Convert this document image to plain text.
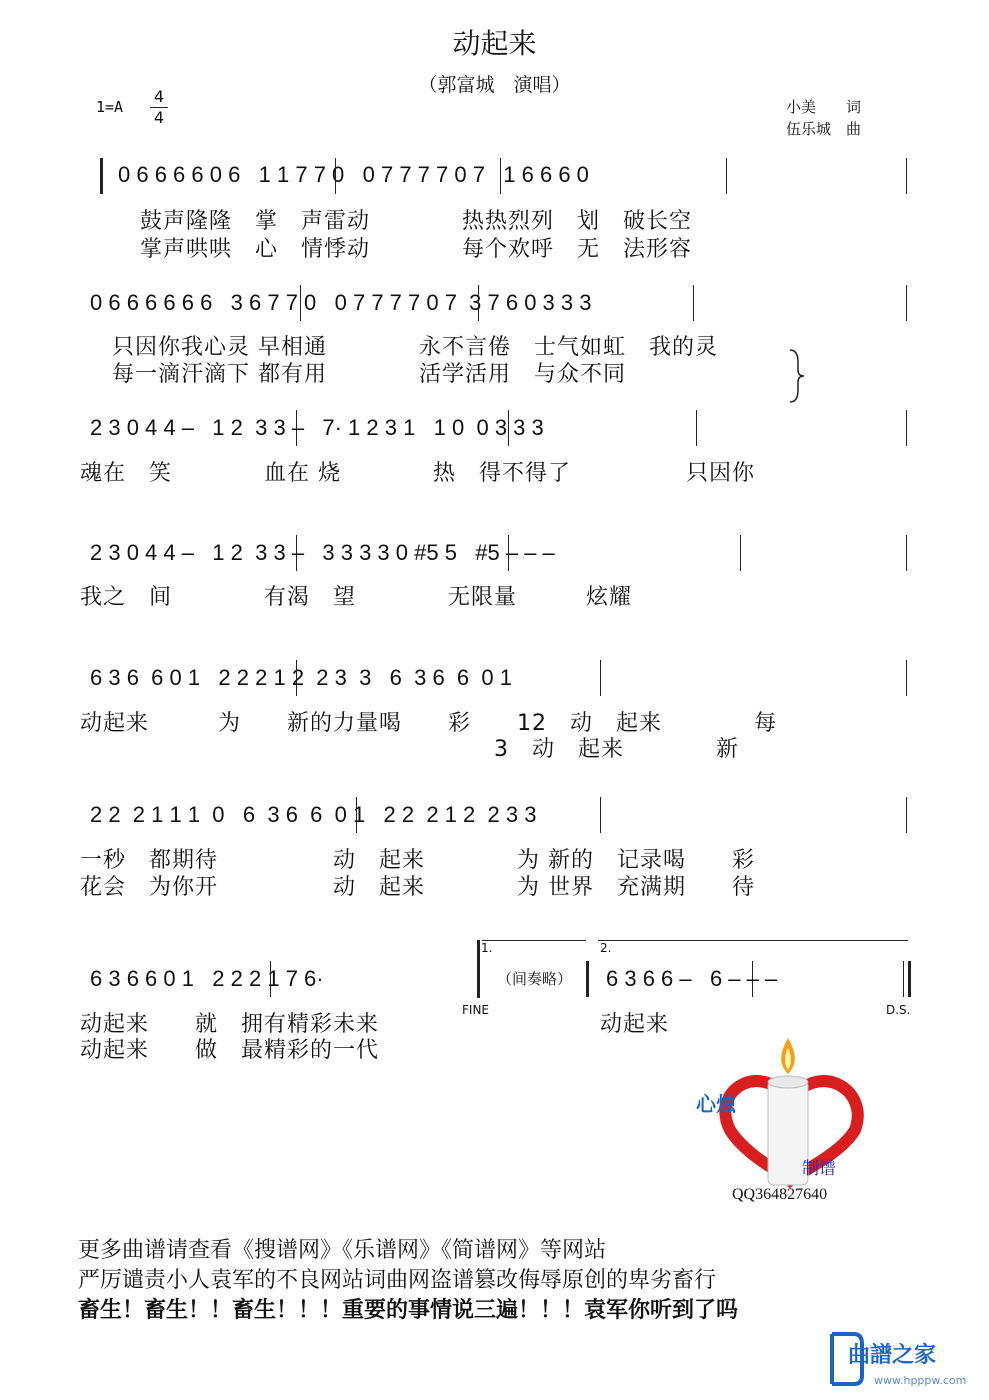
动起来
（郭富城　演唱）
1=A
4
4
小美　　词
伍乐城　曲
0 6 6 6 6 0 6   1 1 7 7 0   0 7 7 7 7 0 7   1 6 6 6 0
鼓声隆隆　掌　声雷动　　　　热热烈列　划　破长空
掌声哄哄　心　情悸动　　　　每个欢呼　无　法形容
0 6 6 6 6 6 6   3 6 7 7 0   0 7 7 7 7 0 7  3 7 6 0 3 3 3
只因你我心灵 早相通　　　　永不言倦　士气如虹　我的灵
每一滴汗滴下 都有用　　　　活学活用　与众不同
2 3 0 4 4 –   1 2  3 3 –   7· 1 2 3 1   1 0  0 3 3 3
魂在　笑　　　　血在 烧　　　　热　得不得了　　　　　只因你
2 3 0 4 4 –   1 2  3 3 –   3 3 3 3 0 #5 5   #5 – – –
我之　间　　　　有渴　望　　　　无限量　　　炫耀
6 3 6  6 0 1   2 2 2 1 2  2 3  3   6  3 6  6  0 1
动起来　　　为　　新的力量喝　　彩　　12　动　起来　　　　每
　　　　　　　　　　　　　　　　　　3　动　起来　　　　新
2 2  2 1 1 1  0   6  3 6  6  0 1   2 2  2 1 2  2 3 3
一秒　都期待　　　　　动　起来　　　　为 新的　记录喝　　彩
花会　为你开　　　　　动　起来　　　　为 世界　充满期　　待
6 3 6 6 0 1   2 2 2 1 7 6·
1.
（间奏略）
2.
6 3 6 6 –   6 – – –
FINE	D.S.
动起来　　就　拥有精彩未来
动起来　　做　最精彩的一代
动起来
心烛
制谱
QQ364827640
更多曲谱请查看《搜谱网》《乐谱网》《简谱网》等网站
严厉谴责小人袁军的不良网站词曲网盗谱篡改侮辱原创的卑劣畜行
畜生！畜生！！畜生！！！重要的事情说三遍！！！袁军你听到了吗
曲譜之家
www.hpppw.com
